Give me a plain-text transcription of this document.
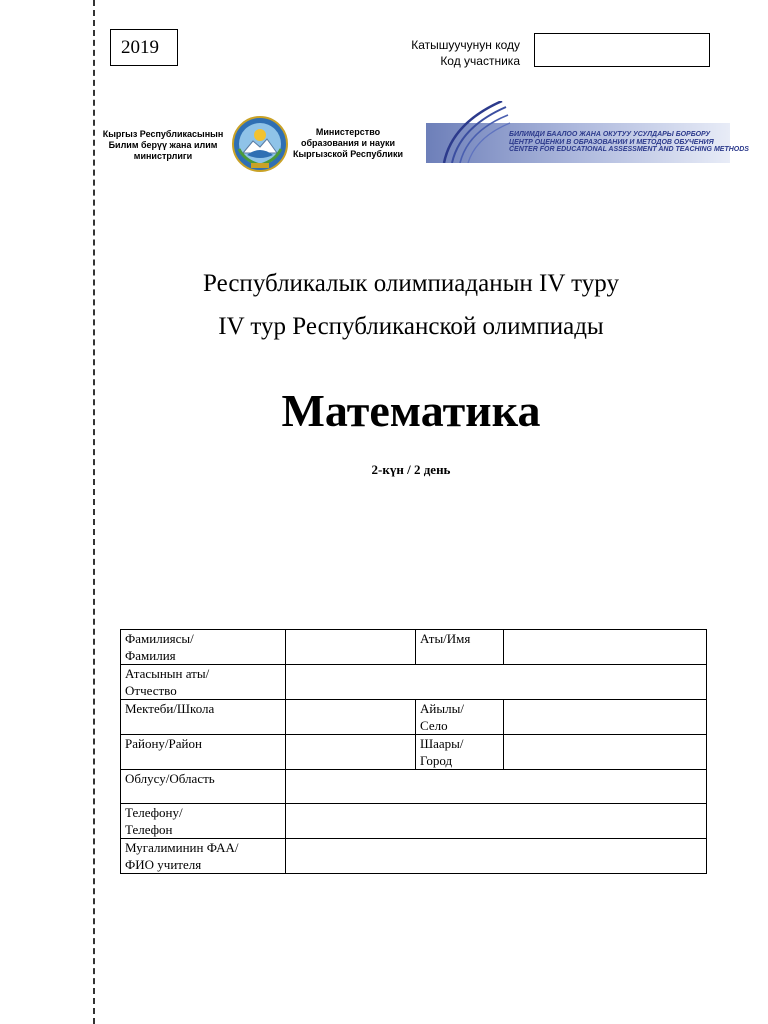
2019	Катышуучунун коду
Код участника
Кыргыз Республикасынын
Билим берүү жана илим
министрлиги
Министерство
образования и науки
Кыргызской Республики
БИЛИМДИ БААЛОО ЖАНА ОКУТУУ УСУЛДАРЫ БОРБОРУ
ЦЕНТР ОЦЕНКИ В ОБРАЗОВАНИИ И МЕТОДОВ ОБУЧЕНИЯ
CENTER FOR EDUCATIONAL ASSESSMENT AND TEACHING METHODS
Республикалык олимпиаданын IV туру
IV тур Республиканской олимпиады
Математика
2-күн / 2 день
Фамилиясы/
Фамилия		Аты/Имя	

Атасынын аты/
Отчество			

Мектеби/Школа		Айылы/
Село	

Району/Район		Шаары/
Город	

Облусу/Область			

Телефону/
Телефон			

Мугалиминин ФАА/
ФИО учителя			
